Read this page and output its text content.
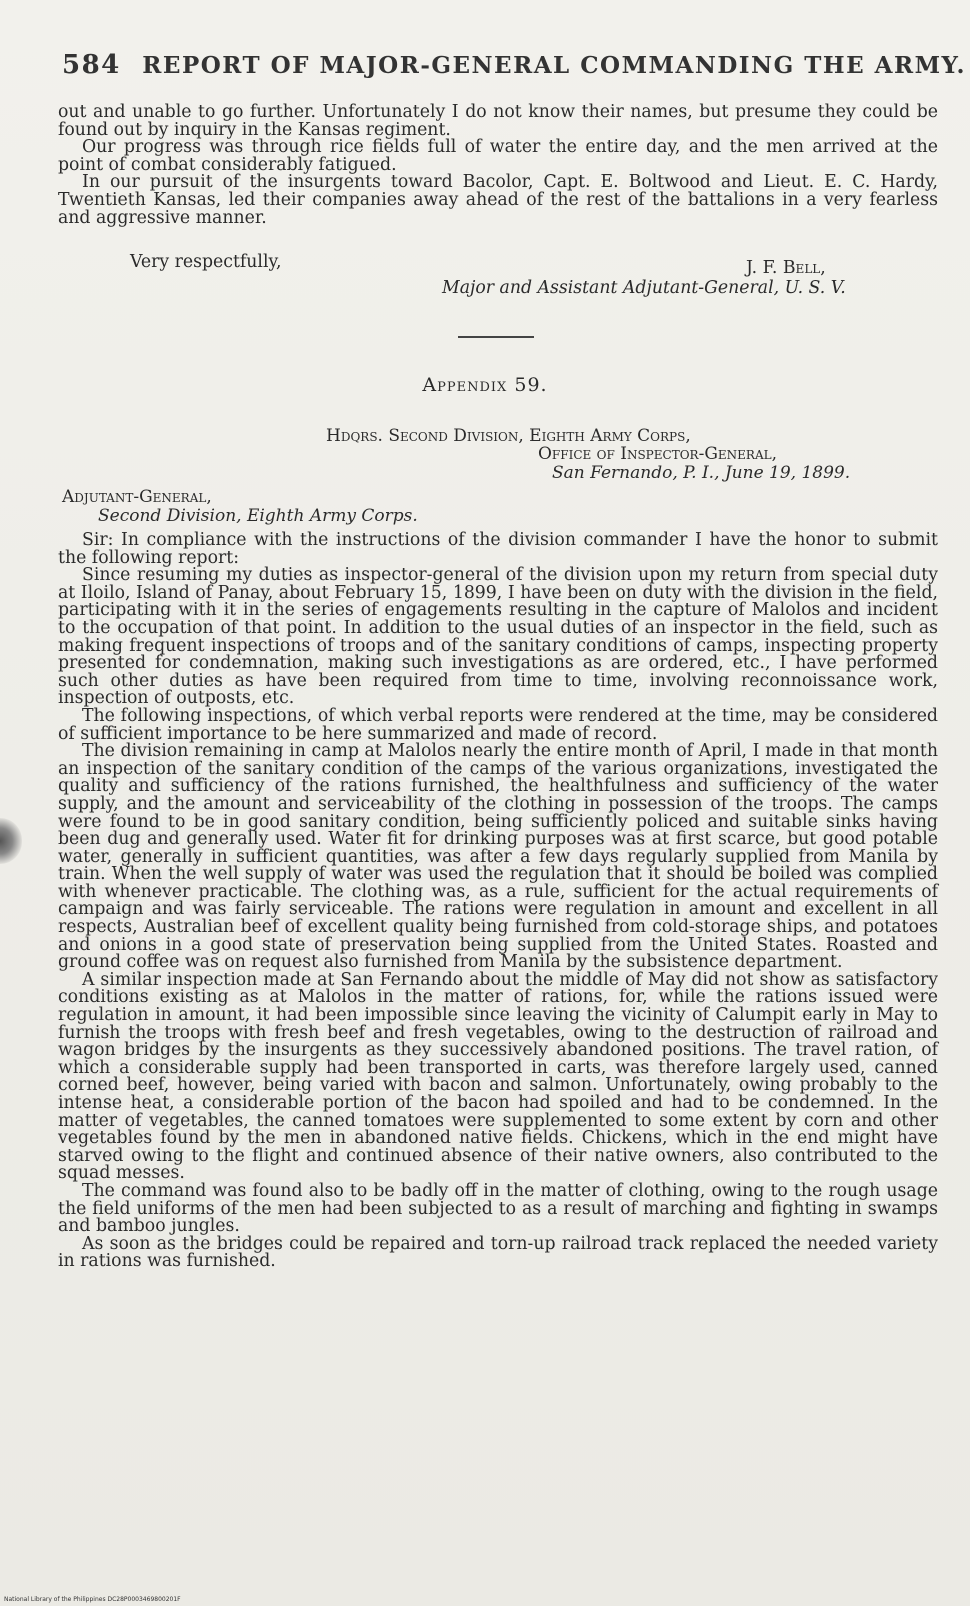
584 REPORT OF MAJOR-GENERAL COMMANDING THE ARMY.

out and unable to go further. Unfortunately I do not know their names, but presume they could be found out by inquiry in the Kansas regiment.

Our progress was through rice fields full of water the entire day, and the men arrived at the point of combat considerably fatigued.

In our pursuit of the insurgents toward Bacolor, Capt. E. Boltwood and Lieut. E. C. Hardy, Twentieth Kansas, led their companies away ahead of the rest of the battalions in a very fearless and aggressive manner.

Very respectfully,	J. F. Bell,
Major and Assistant Adjutant-General, U. S. V.
Appendix 59.
Hdqrs. Second Division, Eighth Army Corps,
Office of Inspector-General,
San Fernando, P. I., June 19, 1899.
Adjutant-General,
Second Division, Eighth Army Corps.

Sir: In compliance with the instructions of the division commander I have the honor to submit the following report:

Since resuming my duties as inspector-general of the division upon my return from special duty at Iloilo, Island of Panay, about February 15, 1899, I have been on duty with the division in the field, participating with it in the series of engagements resulting in the capture of Malolos and incident to the occupation of that point. In addition to the usual duties of an inspector in the field, such as making frequent inspections of troops and of the sanitary conditions of camps, inspecting property presented for condemnation, making such investigations as are ordered, etc., I have performed such other duties as have been required from time to time, involving reconnoissance work, inspection of outposts, etc.

The following inspections, of which verbal reports were rendered at the time, may be considered of sufficient importance to be here summarized and made of record.

The division remaining in camp at Malolos nearly the entire month of April, I made in that month an inspection of the sanitary condition of the camps of the various organizations, investigated the quality and sufficiency of the rations furnished, the healthfulness and sufficiency of the water supply, and the amount and serviceability of the clothing in possession of the troops. The camps were found to be in good sanitary condition, being sufficiently policed and suitable sinks having been dug and generally used. Water fit for drinking purposes was at first scarce, but good potable water, generally in sufficient quantities, was after a few days regularly supplied from Manila by train. When the well supply of water was used the regulation that it should be boiled was complied with whenever practicable. The clothing was, as a rule, sufficient for the actual requirements of campaign and was fairly serviceable. The rations were regulation in amount and excellent in all respects, Australian beef of excellent quality being furnished from cold-storage ships, and potatoes and onions in a good state of preservation being supplied from the United States. Roasted and ground coffee was on request also furnished from Manila by the subsistence department.

A similar inspection made at San Fernando about the middle of May did not show as satisfactory conditions existing as at Malolos in the matter of rations, for, while the rations issued were regulation in amount, it had been impossible since leaving the vicinity of Calumpit early in May to furnish the troops with fresh beef and fresh vegetables, owing to the destruction of railroad and wagon bridges by the insurgents as they successively abandoned positions. The travel ration, of which a considerable supply had been transported in carts, was therefore largely used, canned corned beef, however, being varied with bacon and salmon. Unfortunately, owing probably to the intense heat, a considerable portion of the bacon had spoiled and had to be condemned. In the matter of vegetables, the canned tomatoes were supplemented to some extent by corn and other vegetables found by the men in abandoned native fields. Chickens, which in the end might have starved owing to the flight and continued absence of their native owners, also contributed to the squad messes.

The command was found also to be badly off in the matter of clothing, owing to the rough usage the field uniforms of the men had been subjected to as a result of marching and fighting in swamps and bamboo jungles.

As soon as the bridges could be repaired and torn-up railroad track replaced the needed variety in rations was furnished.

National Library of the Philippines DC28P0003469800201F
